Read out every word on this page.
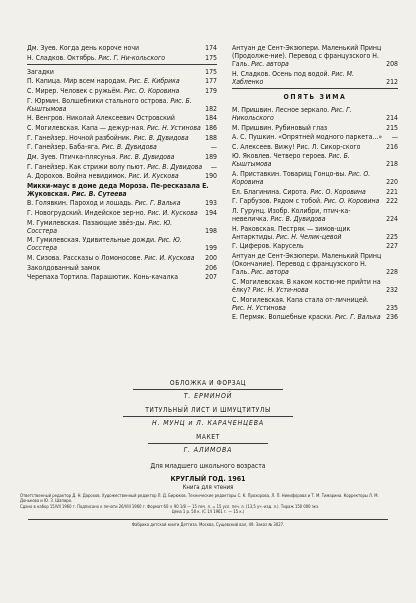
Дм. Зуев. Когда день короче ночи	174
Н. Сладков. Октябрь. Рис. Г. Ни-кольского	175
Загадки	175
П. Капица. Мир всем народам. Рис. Е. Кибрика	177
С. Мирер. Человек с ружьём. Рис. О. Коровина	179
Г. Юрмин. Волшебники стального острова. Рис. Б. Кыштымова	182
Н. Венгров. Николай Алексеевич Островский	184
С. Могилевская. Капа — дежур-ная. Рис. Н. Устинова 186
Г. Ганейзер. Ночной разбойник. Рис. В. Дувидова	188
Г. Ганейзер. Баба-яга. Рис. В. Дувидова	—
Дм. Зуев. Птичка-плясунья. Рис. В. Дувидова	189
Г. Ганейзер. Как стрижи волу пьют. Рис. В. Дувидова	—
А. Дорохов. Война невидимок. Рис. И. Кускова	190
Микки-маус в доме деда Мороза. Пе-ресказала Е. Жуковская. Рис. В. Сутеева
В. Голявкин. Пароход и лошадь. Рис. Г. Валька	193
Г. Новогрудский. Индейское зер-но. Рис. И. Кускова	194
М. Гумилевская. Пазающие звёз-ды. Рис. Ю. Сосстера	198
М. Гумилевская. Удивительные дожди. Рис. Ю. Сосстера	199
М. Сизова. Рассказы о Ломоносове. Рис. И. Кускова	200
Заколдованный замок	206
Черепаха Тортила. Парашютик. Конь-качалка	207
Антуан де Сент-Экзюпери. Маленький Принц (Продолже-ние). Перевод с французского Н. Галь. Рис. автора	208
Н. Сладков. Осень под водой. Рис. М. Хабленко	212
ОПЯТЬ ЗИМА
М. Пришвин. Лесное зеркало. Рис. Г. Никольского	214
М. Пришвин. Рубиновый глаз	215
А. С. Пушкин. «Опрятней модного паркета...»	—
С. Алексеев. Вижу! Рис. Л. Сикор-ского	216
Ю. Яковлев. Четверо героев. Рис. Б. Кыштымова	218
А. Приставкин. Товарищ Гонцо-вы. Рис. О. Коровина	220
Ел. Благинина. Сирота. Рис. О. Коровина	221
Г. Гарбузов. Рядом с тобой. Рис. О. Коровина 222
Л. Гурунц. Изобр. Колибри, птич-ка-невеличка. Рис. В. Дувидова	224
Н. Раковская. Пестряк — зимов-щик Антарктиды. Рис. Н. Челик-цевой	225
Г. Циферов. Карусель	227
Антуан де Сент-Экзюпери. Маленький Принц (Окончание). Перевод с французского Н. Галь. Рис. автора	228
С. Могилевская. В каком костю-ме прийти на ёлку? Рис. Н. Усти-нова	232
С. Могилевская. Капа стала от-личницей. Рис. Н. Устинова	235
Е. Пермяк. Волшебные краски. Рис. Г. Валька 236
ОБЛОЖКА И ФОРЗАЦ
Т. ЕРМИНОЙ
ТИТУЛЬНЫЙ ЛИСТ И ШМУЦТИТУЛЫ
Н. МУНЦ и Л. КАРАЧЕНЦЕВА
МАКЕТ
Г. АЛИМОВА
Для младшего школьного возраста
КРУГЛЫЙ ГОД. 1961
Книга для чтения
Ответственный редактор Д. Н. Дорохов. Художественный редактор Л. Д. Бирюков. Технические редакторы С. К. Прохорова, Л. П. Никифорова и Т. М. Тимарина. Корректоры Л. М. Донькова и Ю. З. Шапиро.
Сдано в набор 15/VII 1960 г. Подписано к печати 26/VIII 1960 г. Формат 60 × 90 1/8 — 15 печ. л. = 15 усл. печ. л. (13,5 уч.-изд. л.). Тираж 150 000 экз.
Цена 1 р. 50 к. (С 1/I 1961 г. — 15 к.)
Фабрика детской книги Детгиза. Москва, Сущевский вал, 49. Заказ № 3027.
